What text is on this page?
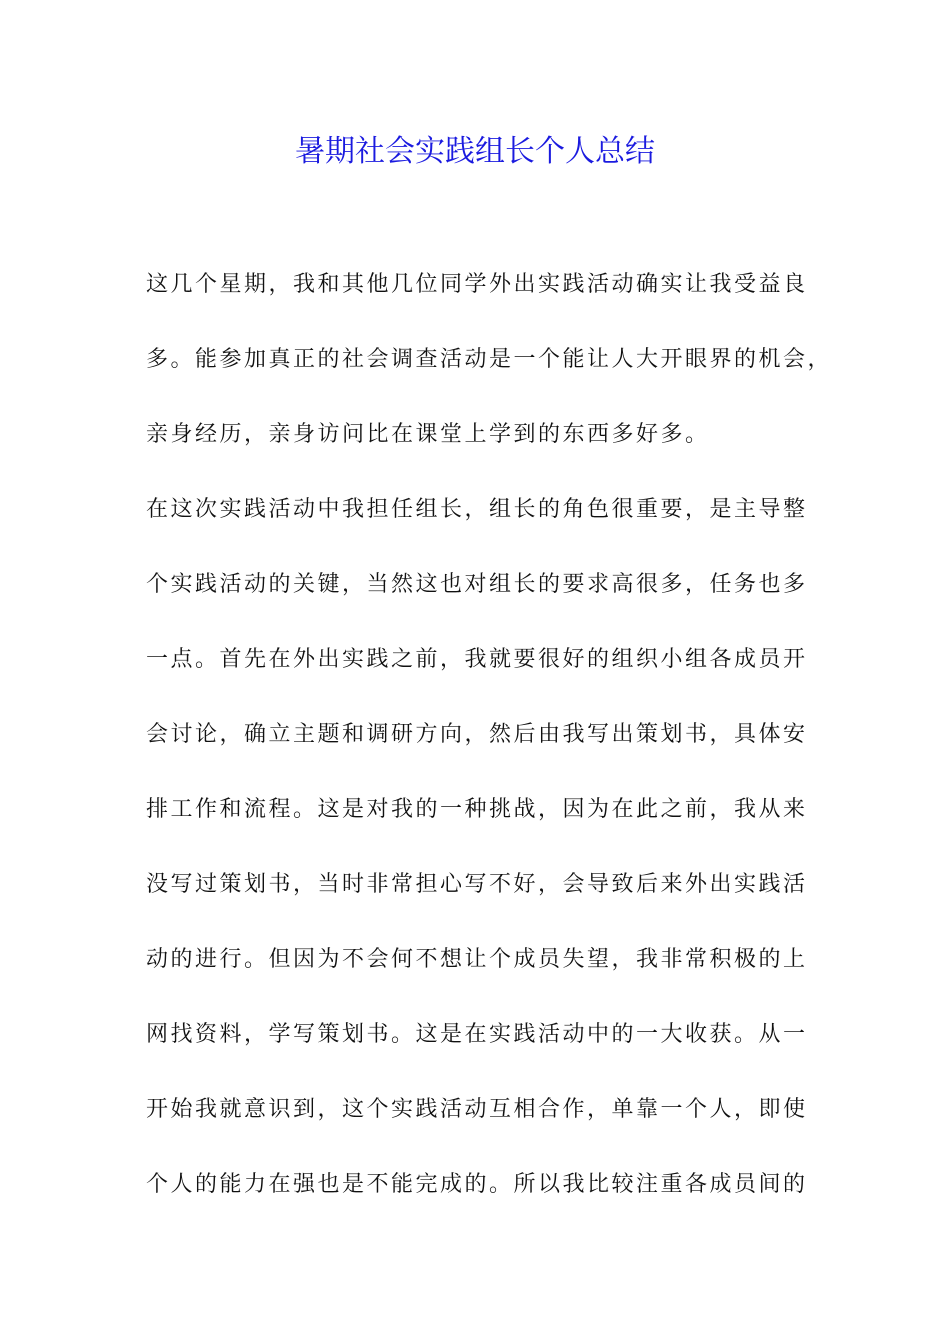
暑期社会实践组长个人总结
这几个星期，我和其他几位同学外出实践活动确实让我受益良
多。能参加真正的社会调查活动是一个能让人大开眼界的机会，
亲身经历，亲身访问比在课堂上学到的东西多好多。
在这次实践活动中我担任组长，组长的角色很重要，是主导整
个实践活动的关键，当然这也对组长的要求高很多，任务也多
一点。首先在外出实践之前，我就要很好的组织小组各成员开
会讨论，确立主题和调研方向，然后由我写出策划书，具体安
排工作和流程。这是对我的一种挑战，因为在此之前，我从来
没写过策划书，当时非常担心写不好，会导致后来外出实践活
动的进行。但因为不会何不想让个成员失望，我非常积极的上
网找资料，学写策划书。这是在实践活动中的一大收获。从一
开始我就意识到，这个实践活动互相合作，单靠一个人，即使
个人的能力在强也是不能完成的。所以我比较注重各成员间的
